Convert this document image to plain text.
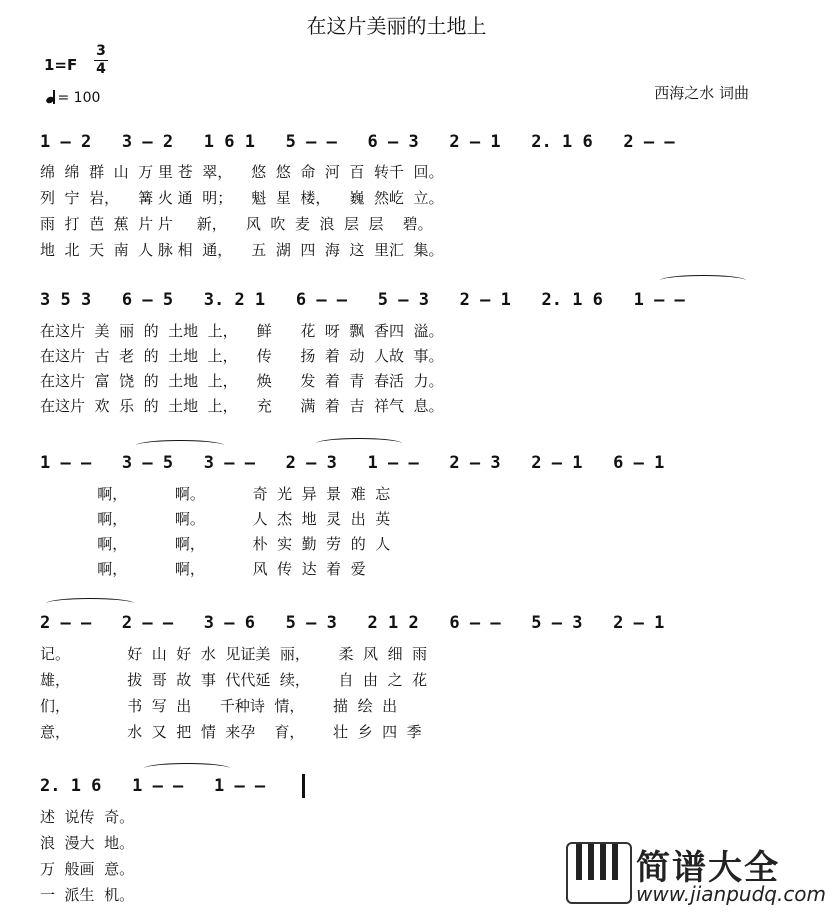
在这片美丽的土地上
1=F
3
4
= 100	西海之水 词曲
1 – 2   3 – 2   1 6 1   5 – –   6 – 3   2 – 1   2. 1 6   2 – –
绵  绵  群  山  万 里 苍  翠，    悠  悠  命  河  百  转千  回。
列  宁  岩，    篝 火 通  明；    魁  星  楼，    巍  然屹  立。
雨  打  芭  蕉  片 片     新，    风  吹  麦  浪  层  层    碧。
地  北  天  南  人 脉 相  通，    五  湖  四  海  这  里汇  集。
3 5 3   6 – 5   3. 2 1   6 – –   5 – 3   2 – 1   2. 1 6   1 – –
在这片  美  丽  的  土地  上，    鲜      花  呀  飘  香四  溢。
在这片  古  老  的  土地  上，    传      扬  着  动  人故  事。
在这片  富  饶  的  土地  上，    焕      发  着  青  春活  力。
在这片  欢  乐  的  土地  上，    充      满  着  吉  祥气  息。
1 – –   3 – 5   3 – –   2 – 3   1 – –   2 – 3   2 – 1   6 – 1
啊，          啊。          奇  光  异  景  难  忘
啊，          啊。          人  杰  地  灵  出  英
啊，          啊，          朴  实  勤  劳  的  人
啊，          啊，          风  传  达  着  爱
2 – –   2 – –   3 – 6   5 – 3   2 1 2   6 – –   5 – 3   2 – 1
记。            好  山  好  水  见证美  丽，      柔  风  细  雨
雄，            拔  哥  故  事  代代延  续，      自  由  之  花
们，            书  写  出      千种诗  情，      描  绘  出
意，            水  又  把  情  来孕    育，      壮  乡  四  季
2. 1 6   1 – –   1 – –
述  说传  奇。
浪  漫大  地。
万  般画  意。
一  派生  机。
简谱大全
www.jianpudq.com
